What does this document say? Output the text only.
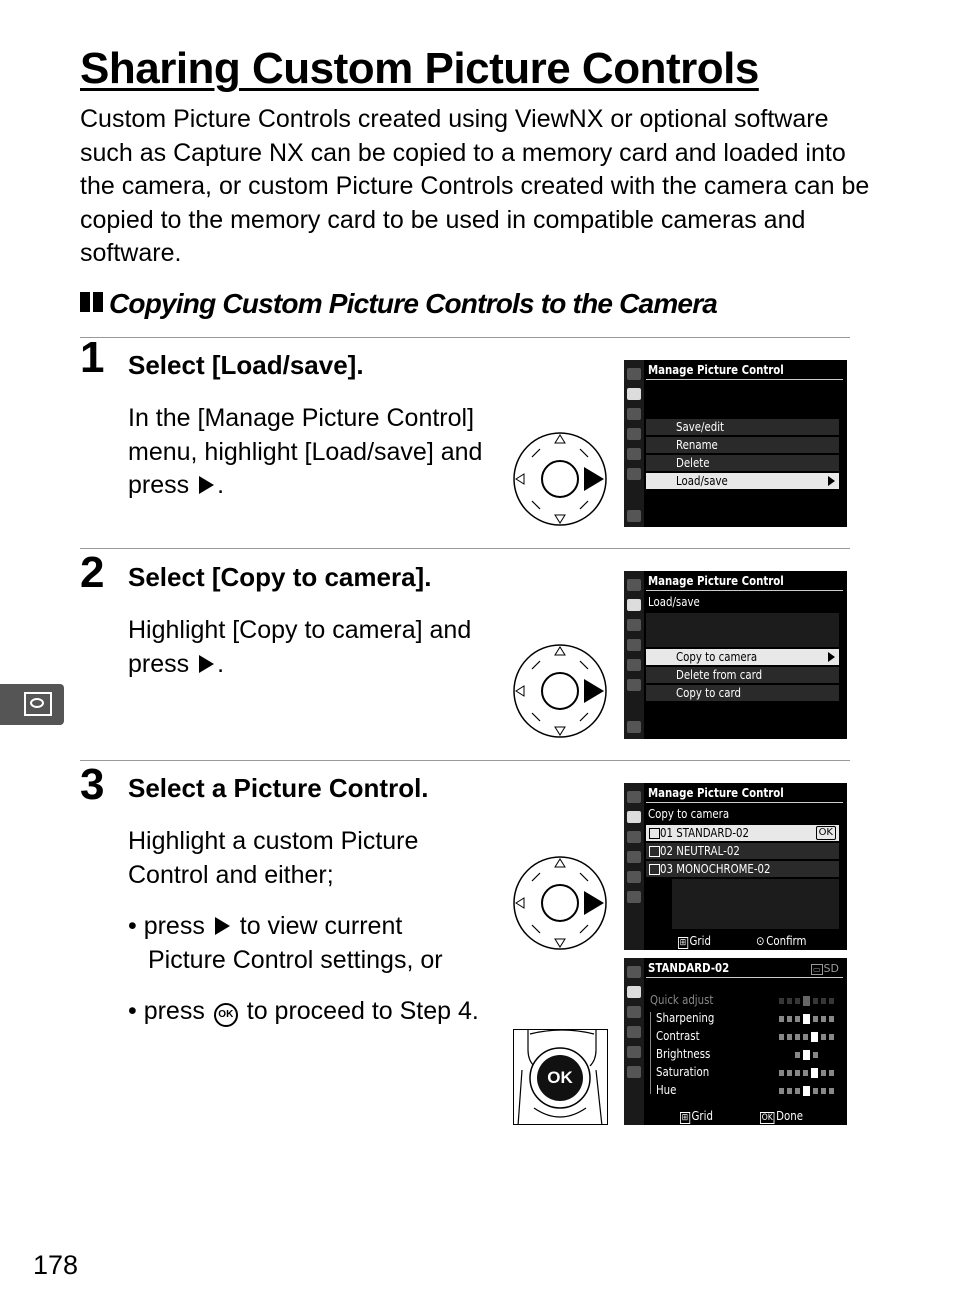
Sharing Custom Picture Controls
Custom Picture Controls created using ViewNX or optional software such as Capture NX can be copied to a memory card and loaded into the camera, or custom Picture Controls created with the camera can be copied to the memory card to be used in compatible cameras and software.
Copying Custom Picture Controls to the Camera
1 Select [Load/save].
In the [Manage Picture Control] menu, highlight [Load/save] and press .
Manage Picture Control
Save/edit
Rename
Delete
Load/save
2 Select [Copy to camera].
Highlight [Copy to camera] and press .
Manage Picture Control
Load/save
Copy to camera
Delete from card
Copy to card
3 Select a Picture Control.
Highlight a custom Picture Control and either;
• press to view current
Picture Control settings, or
• press OK to proceed to Step 4.
OK
Manage Picture Control
Copy to camera
01 STANDARD-02	OK
02 NEUTRAL-02
03 MONOCHROME-02
⊞ Grid	⊙ Confirm
STANDARD-02	▭ SD
Quick adjust
Sharpening
Contrast
Brightness
Saturation
Hue
⊞ Grid	OK Done
178
